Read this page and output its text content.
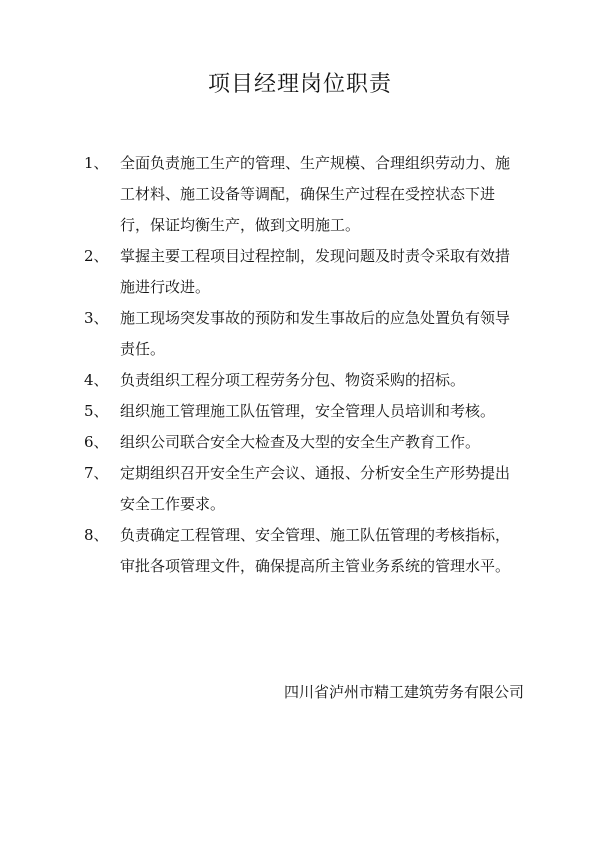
项目经理岗位职责

1、 全面负责施工生产的管理、生产规模、合理组织劳动力、施工材料、施工设备等调配，确保生产过程在受控状态下进行，保证均衡生产，做到文明施工。

2、 掌握主要工程项目过程控制，发现问题及时责令采取有效措施进行改进。

3、 施工现场突发事故的预防和发生事故后的应急处置负有领导责任。

4、 负责组织工程分项工程劳务分包、物资采购的招标。

5、 组织施工管理施工队伍管理，安全管理人员培训和考核。

6、 组织公司联合安全大检查及大型的安全生产教育工作。

7、 定期组织召开安全生产会议、通报、分析安全生产形势提出安全工作要求。

8、 负责确定工程管理、安全管理、施工队伍管理的考核指标，审批各项管理文件，确保提高所主管业务系统的管理水平。

四川省泸州市精工建筑劳务有限公司
